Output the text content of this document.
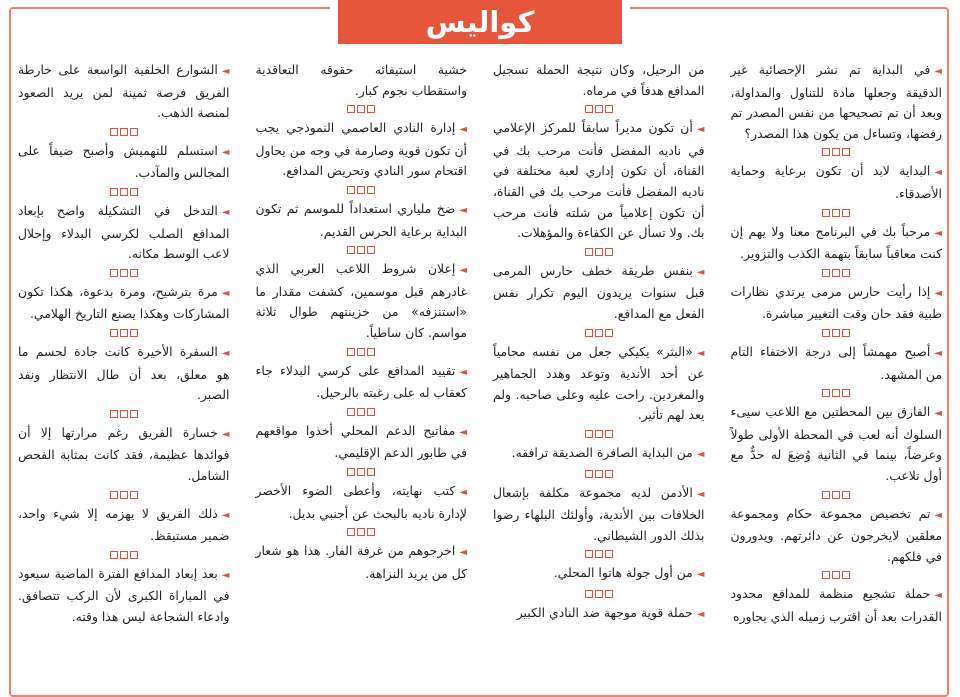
كواليس

◄في البداية تم نشر الإحصائية غير الدقيقة وجعلها مادة للتناول والمداولة، وبعد أن تم تصحيحها من نفس المصدر تم رفضها، وتساءل من يكون هذا المصدر؟

◄البداية لابد أن تكون برعاية وحماية الأصدقاء.

◄مرحباً بك في البرنامج معنا ولا يهم إن كنت معاقباً سابقاً بتهمة الكذب والتزوير.

◄إذا رأيت حارس مرمى يرتدي نظارات طبية فقد حان وقت التغيير مباشرة.

◄أصبح مهمشاً إلى درجة الاختفاء التام من المشهد.

◄الفارق بين المحطتين مع اللاعب سيىء السلوك أنه لعب في المحطة الأولى طولاً وعرضاً، بينما في الثانية وُضِعَ له حدٌّ مع أول تلاعب.

◄تم تخصيص مجموعة حكام ومجموعة معلقين لايخرجون عن دائرتهم. ويدورون في فلكهم.

◄حملة تشجيع منظمة للمدافع محدود القدرات بعد أن اقترب زميله الذي يجاوره

من الرحيل، وكان نتيجة الحملة تسجيل المدافع هدفاً في مرماه.

◄أن تكون مديراً سابقاً للمركز الإعلامي في ناديه المفضل فأنت مرحب بك في القناة، أن تكون إداري لعبة مختلفة في ناديه المفضل فأنت مرحب بك في القناة، أن تكون إعلامياً من شلته فأنت مرحب بك. ولا تسأل عن الكفاءة والمؤهلات.

◄بنفس طريقة خطف حارس المرمى قبل سنوات يريدون اليوم تكرار نفس الفعل مع المدافع.

◄«البثر» يكيكي جعل من نفسه محامياً عن أحد الأندية وتوعد وهدد الجماهير والمغردين. راحت عليه وعلى صاحبه. ولم يعد لهم تأثير.

◄من البداية الصافرة الصديقة ترافقه.

◄الأدمن لديه مجموعة مكلفة بإشعال الخلافات بين الأندية، وأولئك البلهاء رضوا بذلك الدور الشيطاني.

◄من أول جولة هاتوا المحلي.

◄حملة قوية موجهة ضد النادي الكبير

خشية استيفائه حقوقه التعاقدية واستقطاب نجوم كبار.

◄إدارة النادي العاصمي النموذجي يجب أن تكون قوية وصارمة في وجه من يحاول اقتحام سور النادي وتحريض المدافع.

◄ضخ ملياري استعداداً للموسم ثم تكون البداية برعاية الحرس القديم.

◄إعلان شروط اللاعب العربي الذي غادرهم قبل موسمين، كشفت مقدار ما «استنزفه» من خزينتهم طوال ثلاثة مواسم. كان ساطياً.

◄تقييد المدافع على كرسي البدلاء جاء كعقاب له على رغبته بالرحيل.

◄مفاتيح الدعم المحلي أخذوا مواقعهم في طابور الدعم الإقليمي.

◄كتب نهايته، وأعطى الضوء الأخضر لإدارة ناديه بالبحث عن أجنبي بديل.

◄اخرجوهم من غرفة الفار. هذا هو شعار كل من يريد النزاهة.

◄الشوارع الخلفية الواسعة على خارطة الفريق فرصة ثمينة لمن يريد الصعود لمنصة الذهب.

◄استسلم للتهميش وأصبح ضيفاً على المجالس والمآدب.

◄التدخل في التشكيلة واضح بإبعاد المدافع الصلب لكرسي البدلاء وإحلال لاعب الوسط مكانه.

◄مرة بترشيح، ومرة بدعوة، هكذا تكون المشاركات وهكذا يصنع التاريخ الهلامي.

◄السفرة الأخيرة كانت جادة لحسم ما هو معلق، بعد أن طال الانتظار ونفد الصبر.

◄خسارة الفريق رغم مرارتها إلا أن فوائدها عظيمة، فقد كانت بمثابة الفحص الشامل.

◄ذلك الفريق لا يهزمه إلا شيء واحد، ضمير مستيقظ.

◄بعد إبعاد المدافع الفترة الماضية سيعود في المباراة الكبرى لأن الركب تتصافق. وادعاء الشجاعة ليس هذا وقته.
